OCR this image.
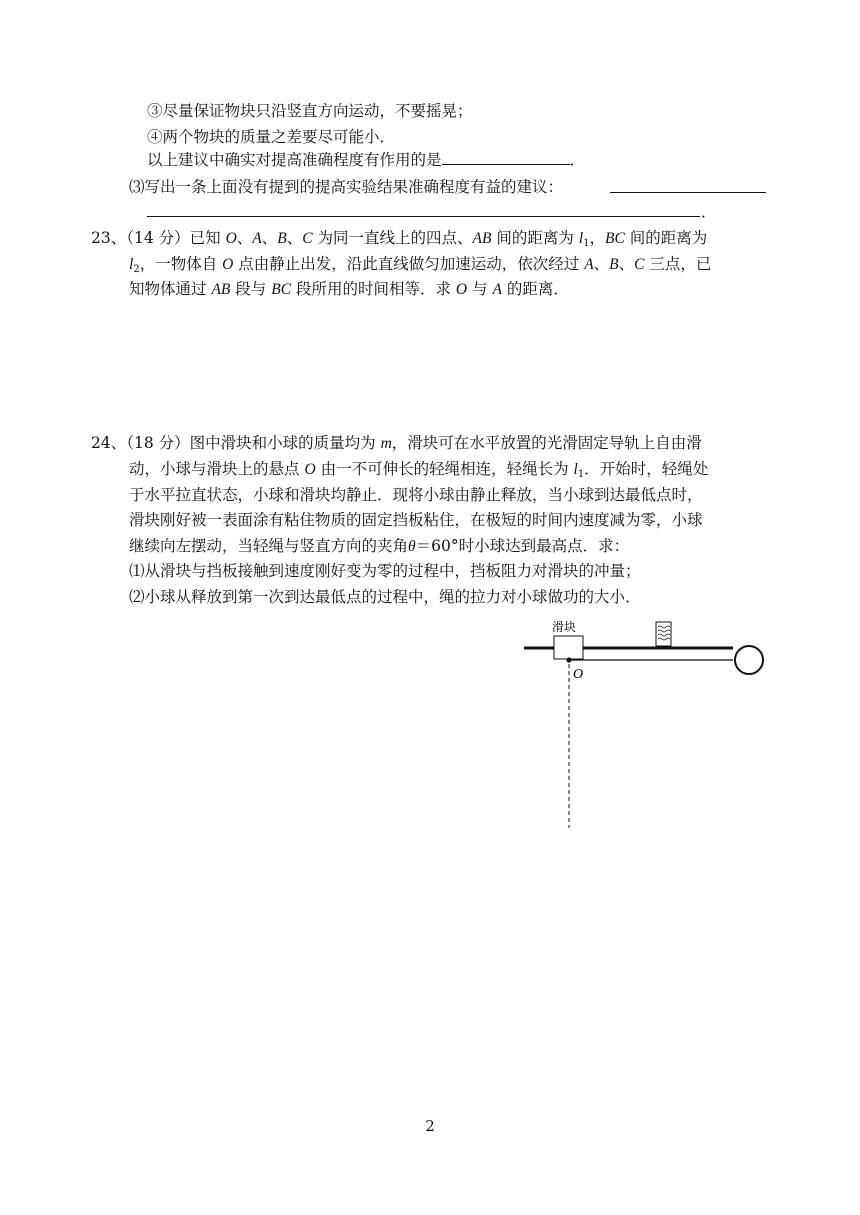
③尽量保证物块只沿竖直方向运动，不要摇晃；
④两个物块的质量之差要尽可能小．
以上建议中确实对提高准确程度有作用的是	．
⑶写出一条上面没有提到的提高实验结果准确程度有益的建议：
．
23、（14 分）已知 O、A、B、C 为同一直线上的四点、AB 间的距离为 $l_1$，BC 间的距离为
$l_2$，一物体自 O 点由静止出发，沿此直线做匀加速运动，依次经过 A、B、C 三点，已
知物体通过 AB 段与 BC 段所用的时间相等．求 O 与 A 的距离．
24、（18 分）图中滑块和小球的质量均为 m，滑块可在水平放置的光滑固定导轨上自由滑
动，小球与滑块上的悬点 O 由一不可伸长的轻绳相连，轻绳长为 $l_1$．开始时，轻绳处
于水平拉直状态，小球和滑块均静止．现将小球由静止释放，当小球到达最低点时，
滑块刚好被一表面涂有粘住物质的固定挡板粘住，在极短的时间内速度减为零，小球
继续向左摆动，当轻绳与竖直方向的夹角θ＝60°时小球达到最高点．求：
⑴从滑块与挡板接触到速度刚好变为零的过程中，挡板阻力对滑块的冲量；
⑵小球从释放到第一次到达最低点的过程中，绳的拉力对小球做功的大小．
滑块
O
2
